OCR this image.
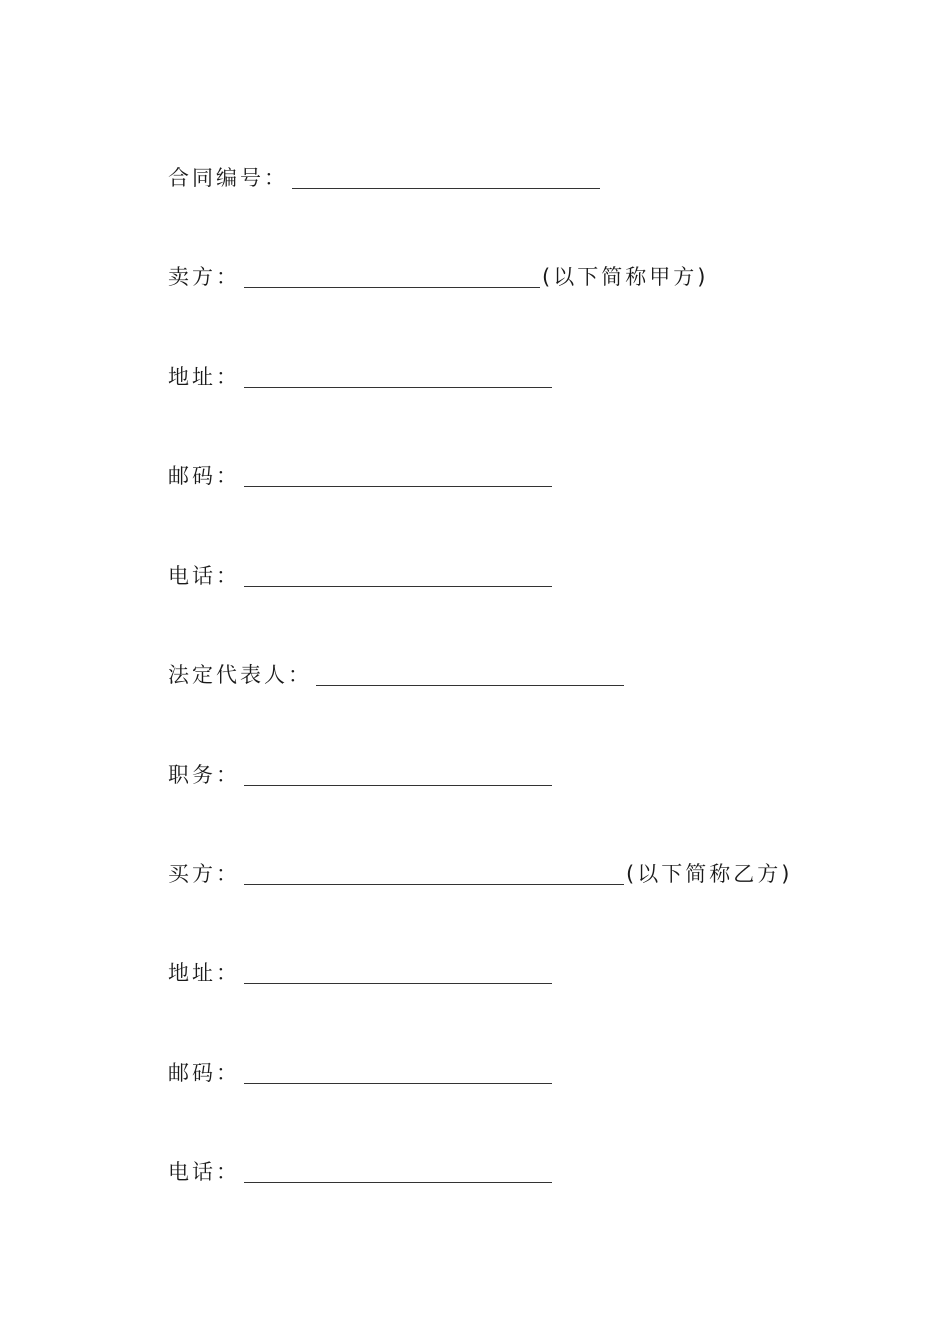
合同编号：
卖方：	(以下简称甲方)
地址：
邮码：
电话：
法定代表人：
职务：
买方：	(以下简称乙方)
地址：
邮码：
电话：
